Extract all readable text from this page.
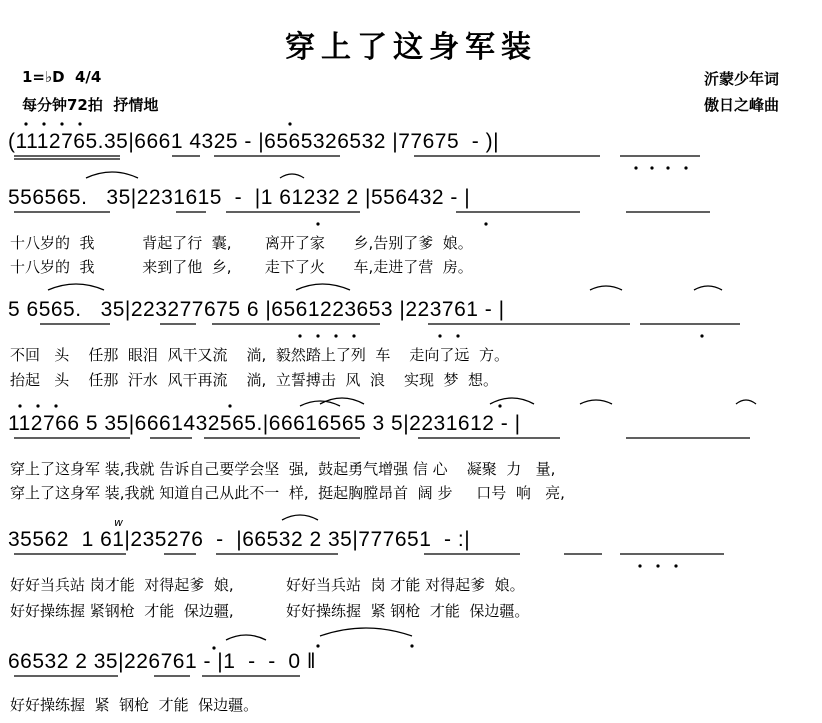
穿上了这身军装
1=♭D  4/4
每分钟72拍  抒情地
沂蒙少年词
傲日之峰曲
(1112765.35|6661 4325 - |6565326532 |77675  - )|
556565.   35|2231615  -  |1 61232 2 |556432 - |
十八岁的  我          背起了行  囊,       离开了家      乡,告别了爹  娘。
十八岁的  我          来到了他  乡,       走下了火      车,走进了营  房。
5 6565.   35|223277675 6 |6561223653 |223761 - |
不回   头    任那  眼泪  风干又流    淌,  毅然踏上了列  车    走向了远  方。
抬起   头    任那  汗水  风干再流    淌,  立誓搏击  风  浪    实现  梦  想。
112766 5 35|6661432565.|66616565 3 5|2231612 - |
穿上了这身军 装,我就 告诉自己要学会坚  强,  鼓起勇气增强 信 心    凝聚  力   量,
穿上了这身军 装,我就 知道自己从此不一  样,  挺起胸膛昂首  阔 步     口号  响   亮,
35562  1 61|235276  -  |66532 2 35|777651  - :|
好好当兵站 岗才能  对得起爹  娘,           好好当兵站  岗 才能 对得起爹  娘。
好好操练握 紧钢枪  才能  保边疆,           好好操练握  紧 钢枪  才能  保边疆。
66532 2 35|226761 - |1  -  -  0 ‖
好好操练握  紧  钢枪  才能  保边疆。
w
